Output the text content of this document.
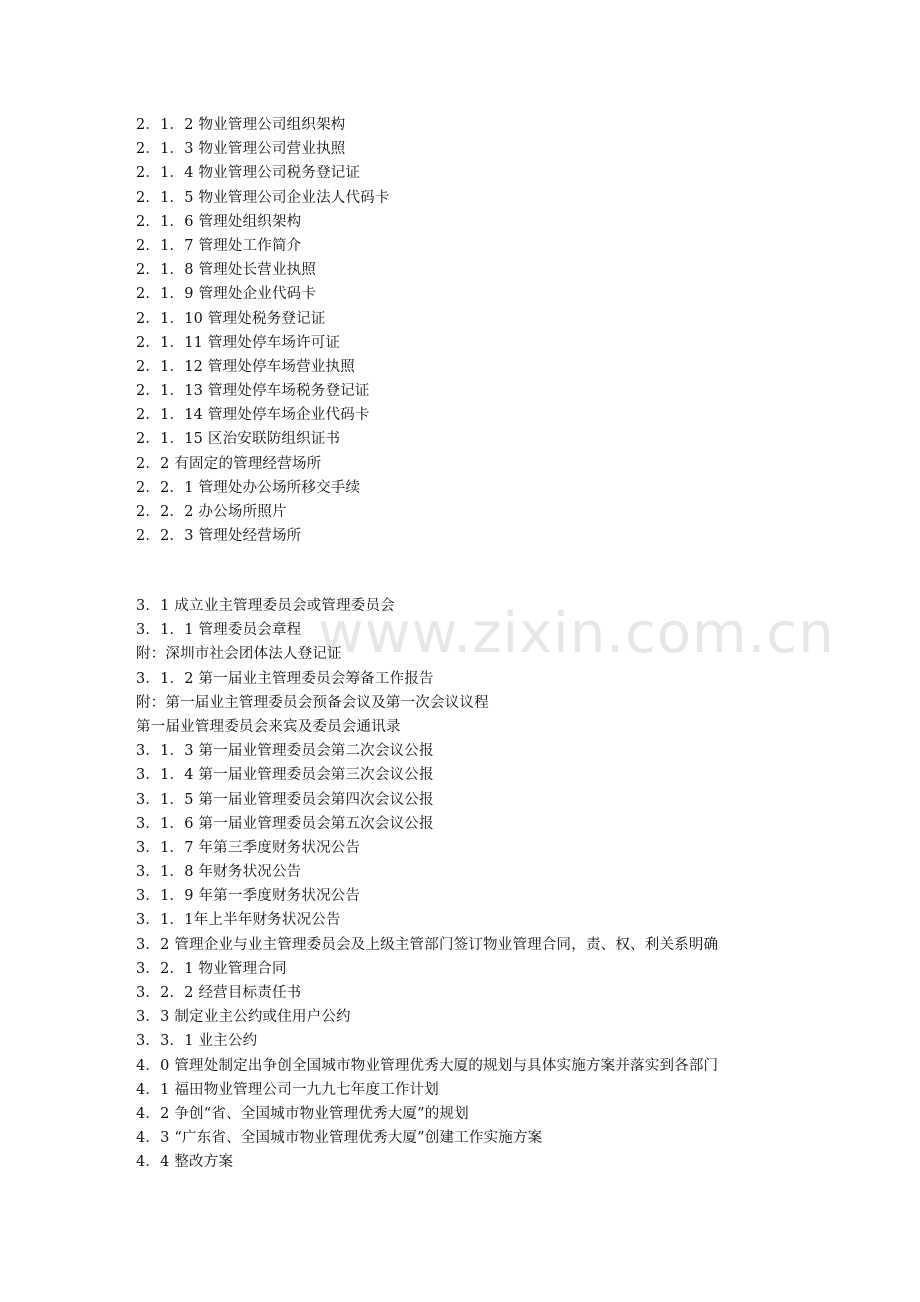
www.zixin.com.cn
2．1．2 物业管理公司组织架构
2．1．3 物业管理公司营业执照
2．1．4 物业管理公司税务登记证
2．1．5 物业管理公司企业法人代码卡
2．1．6 管理处组织架构
2．1．7 管理处工作简介
2．1．8 管理处长营业执照
2．1．9 管理处企业代码卡
2．1．10 管理处税务登记证
2．1．11 管理处停车场许可证
2．1．12 管理处停车场营业执照
2．1．13 管理处停车场税务登记证
2．1．14 管理处停车场企业代码卡
2．1．15 区治安联防组织证书
2．2 有固定的管理经营场所
2．2．1 管理处办公场所移交手续
2．2．2 办公场所照片
2．2．3 管理处经营场所
3．1 成立业主管理委员会或管理委员会
3．1．1 管理委员会章程
附：深圳市社会团体法人登记证
3．1．2 第一届业主管理委员会筹备工作报告
附：第一届业主管理委员会预备会议及第一次会议议程
第一届业管理委员会来宾及委员会通讯录
3．1．3 第一届业管理委员会第二次会议公报
3．1．4 第一届业管理委员会第三次会议公报
3．1．5 第一届业管理委员会第四次会议公报
3．1．6 第一届业管理委员会第五次会议公报
3．1．7 年第三季度财务状况公告
3．1．8 年财务状况公告
3．1．9 年第一季度财务状况公告
3．1．1年上半年财务状况公告
3．2 管理企业与业主管理委员会及上级主管部门签订物业管理合同，责、权、利关系明确
3．2．1 物业管理合同
3．2．2 经营目标责任书
3．3 制定业主公约或住用户公约
3．3．1 业主公约
4．0 管理处制定出争创全国城市物业管理优秀大厦的规划与具体实施方案并落实到各部门
4．1 福田物业管理公司一九九七年度工作计划
4．2 争创“省、全国城市物业管理优秀大厦”的规划
4．3 “广东省、全国城市物业管理优秀大厦”创建工作实施方案
4．4 整改方案
